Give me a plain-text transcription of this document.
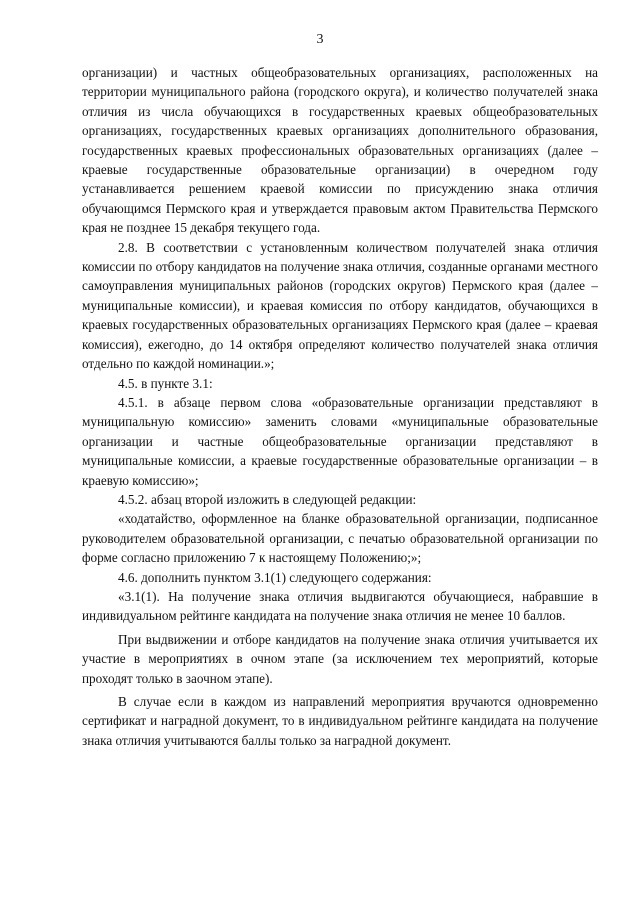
3

организации) и частных общеобразовательных организациях, расположенных на территории муниципального района (городского округа), и количество получателей знака отличия из числа обучающихся в государственных краевых общеобразовательных организациях, государственных краевых организациях дополнительного образования, государственных краевых профессиональных образовательных организациях (далее – краевые государственные образовательные организации) в очередном году устанавливается решением краевой комиссии по присуждению знака отличия обучающимся Пермского края и утверждается правовым актом Правительства Пермского края не позднее 15 декабря текущего года.

2.8. В соответствии с установленным количеством получателей знака отличия комиссии по отбору кандидатов на получение знака отличия, созданные органами местного самоуправления муниципальных районов (городских округов) Пермского края (далее – муниципальные комиссии), и краевая комиссия по отбору кандидатов, обучающихся в краевых государственных образовательных организациях Пермского края (далее – краевая комиссия), ежегодно, до 14 октября определяют количество получателей знака отличия отдельно по каждой номинации.»;

4.5. в пункте 3.1:

4.5.1. в абзаце первом слова «образовательные организации представляют в муниципальную комиссию» заменить словами «муниципальные образовательные организации и частные общеобразовательные организации представляют в муниципальные комиссии, а краевые государственные образовательные организации – в краевую комиссию»;

4.5.2. абзац второй изложить в следующей редакции:

«ходатайство, оформленное на бланке образовательной организации, подписанное руководителем образовательной организации, с печатью образовательной организации по форме согласно приложению 7 к настоящему Положению;»;

4.6. дополнить пунктом 3.1(1) следующего содержания:

«3.1(1). На получение знака отличия выдвигаются обучающиеся, набравшие в индивидуальном рейтинге кандидата на получение знака отличия не менее 10 баллов.

При выдвижении и отборе кандидатов на получение знака отличия учитывается их участие в мероприятиях в очном этапе (за исключением тех мероприятий, которые проходят только в заочном этапе).

В случае если в каждом из направлений мероприятия вручаются одновременно сертификат и наградной документ, то в индивидуальном рейтинге кандидата на получение знака отличия учитываются баллы только за наградной документ.
